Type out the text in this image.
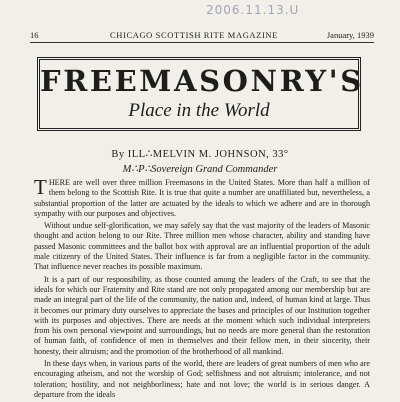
2006.11.13.U
16	CHICAGO SCOTTISH RITE MAGAZINE	January, 1939
FREEMASONRY'S
Place in the World
By ILL∴MELVIN M. JOHNSON, 33°
M∴P∴Sovereign Grand Commander

THERE are well over three million Freemasons in the United States. More than half a million of them belong to the Scottish Rite. It is true that quite a number are unaffiliated but, nevertheless, a substantial proportion of the latter are actuated by the ideals to which we adhere and are in thorough sympathy with our purposes and objectives.

Without undue self-glorification, we may safely say that the vast majority of the leaders of Masonic thought and action belong to our Rite. Three million men whose character, ability and standing have passed Masonic committees and the ballot box with approval are an influential proportion of the adult male citizenry of the United States. Their influence is far from a negligible factor in the community. That influence never reaches its possible maximum.

It is a part of our responsibility, as those counted among the leaders of the Craft, to see that the ideals for which our Fraternity and Rite stand are not only propagated among our membership but are made an integral part of the life of the community, the nation and, indeed, of human kind at large. Thus it becomes our primary duty ourselves to appreciate the bases and principles of our Institution together with its purposes and objectives. There are needs at the moment which such individual interpreters from his own personal viewpoint and surroundings, but no needs are more general than the restoration of human faith, of confidence of men in themselves and their fellow men, in their sincerity, their honesty, their altruism; and the promotion of the brotherhood of all mankind.

In these days when, in various parts of the world, there are leaders of great numbers of men who are encouraging atheism, and not the worship of God; selfishness and not altruism; intolerance, and not toleration; hostility, and not neighborliness; hate and not love; the world is in serious danger. A departure from the ideals
